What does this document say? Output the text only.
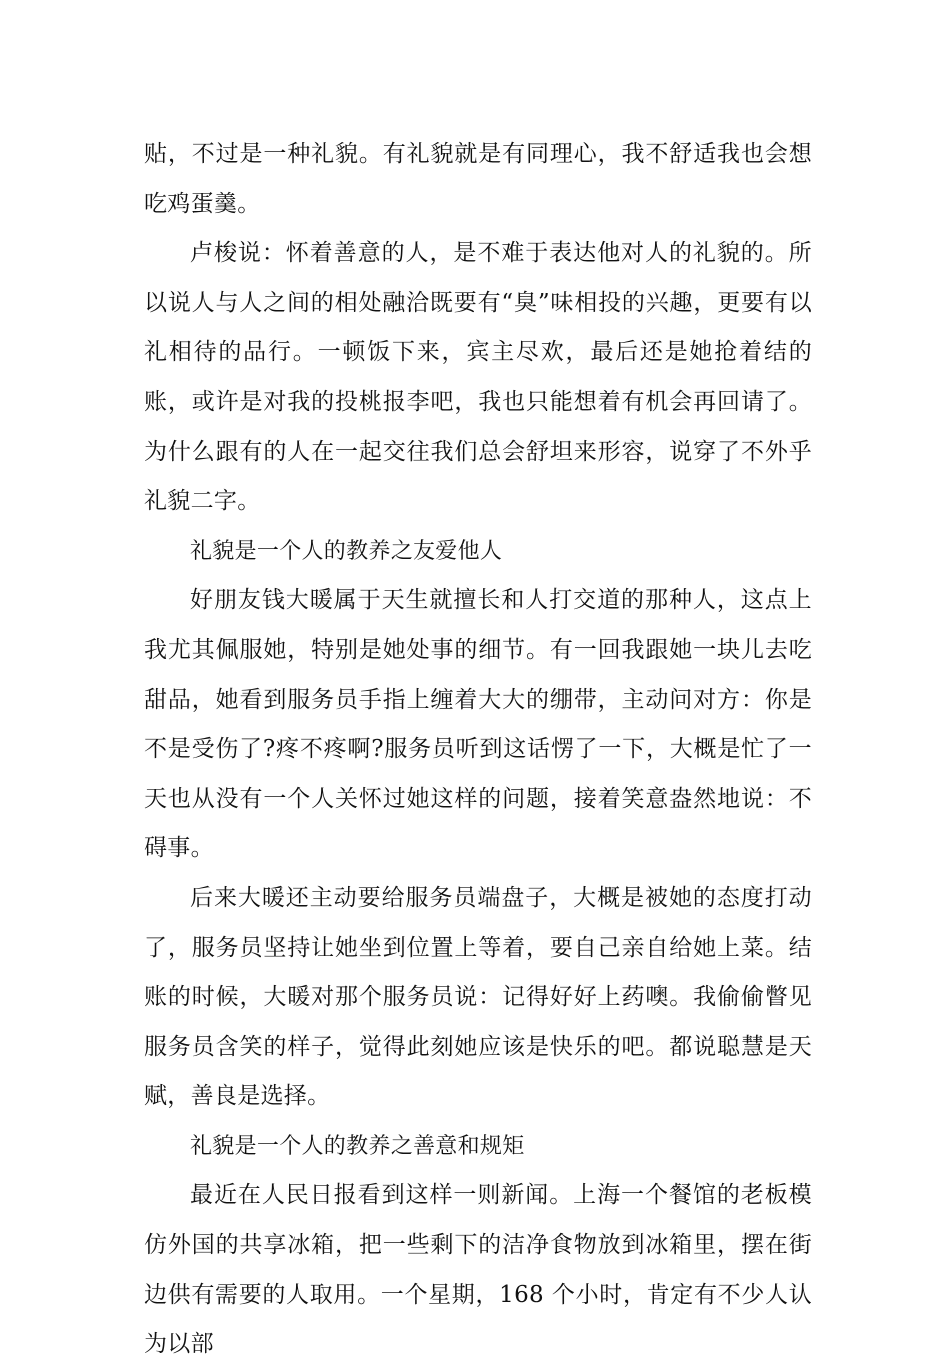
贴，不过是一种礼貌。有礼貌就是有同理心，我不舒适我也会想吃鸡蛋羹。

卢梭说：怀着善意的人，是不难于表达他对人的礼貌的。所以说人与人之间的相处融洽既要有“臭”味相投的兴趣，更要有以礼相待的品行。一顿饭下来，宾主尽欢，最后还是她抢着结的账，或许是对我的投桃报李吧，我也只能想着有机会再回请了。为什么跟有的人在一起交往我们总会舒坦来形容，说穿了不外乎礼貌二字。

礼貌是一个人的教养之友爱他人

好朋友钱大暖属于天生就擅长和人打交道的那种人，这点上我尤其佩服她，特别是她处事的细节。有一回我跟她一块儿去吃甜品，她看到服务员手指上缠着大大的绷带，主动问对方：你是不是受伤了?疼不疼啊?服务员听到这话愣了一下，大概是忙了一天也从没有一个人关怀过她这样的问题，接着笑意盎然地说：不碍事。

后来大暖还主动要给服务员端盘子，大概是被她的态度打动了，服务员坚持让她坐到位置上等着，要自己亲自给她上菜。结账的时候，大暖对那个服务员说：记得好好上药噢。我偷偷瞥见服务员含笑的样子，觉得此刻她应该是快乐的吧。都说聪慧是天赋，善良是选择。

礼貌是一个人的教养之善意和规矩

最近在人民日报看到这样一则新闻。上海一个餐馆的老板模仿外国的共享冰箱，把一些剩下的洁净食物放到冰箱里，摆在街边供有需要的人取用。一个星期，168 个小时，肯定有不少人认为以部
